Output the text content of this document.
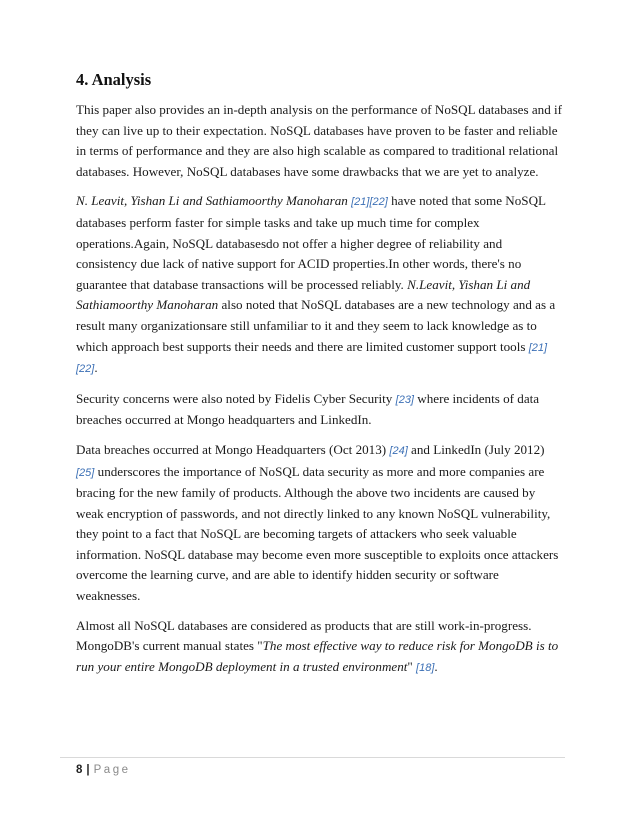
4. Analysis

This paper also provides an in-depth analysis on the performance of NoSQL databases and if they can live up to their expectation. NoSQL databases have proven to be faster and reliable in terms of performance and they are also high scalable as compared to traditional relational databases. However, NoSQL databases have some drawbacks that we are yet to analyze.

N. Leavit, Yishan Li and Sathiamoorthy Manoharan [21][22] have noted that some NoSQL databases perform faster for simple tasks and take up much time for complex operations.Again, NoSQL databasesdo not offer a higher degree of reliability and consistency due lack of native support for ACID properties.In other words, there's no guarantee that database transactions will be processed reliably. N.Leavit, Yishan Li and Sathiamoorthy Manoharan also noted that NoSQL databases are a new technology and as a result many organizationsare still unfamiliar to it and they seem to lack knowledge as to which approach best supports their needs and there are limited customer support tools [21][22].

Security concerns were also noted by Fidelis Cyber Security [23] where incidents of data breaches occurred at Mongo headquarters and LinkedIn.

Data breaches occurred at Mongo Headquarters (Oct 2013) [24] and LinkedIn (July 2012) [25] underscores the importance of NoSQL data security as more and more companies are bracing for the new family of products. Although the above two incidents are caused by weak encryption of passwords, and not directly linked to any known NoSQL vulnerability, they point to a fact that NoSQL are becoming targets of attackers who seek valuable information. NoSQL database may become even more susceptible to exploits once attackers overcome the learning curve, and are able to identify hidden security or software weaknesses.

Almost all NoSQL databases are considered as products that are still work-in-progress. MongoDB's current manual states "The most effective way to reduce risk for MongoDB is to run your entire MongoDB deployment in a trusted environment" [18].

8 | Page
